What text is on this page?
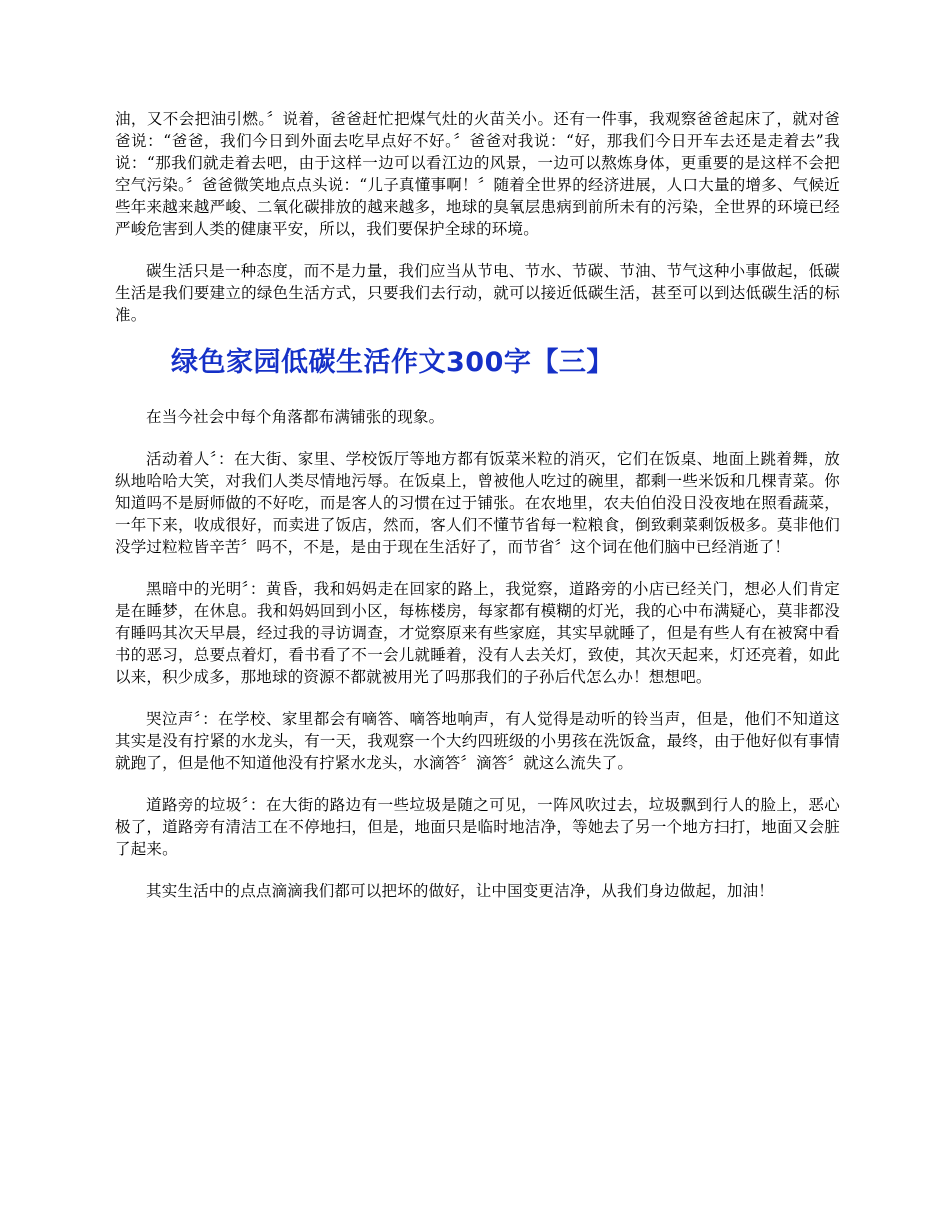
油，又不会把油引燃。〞说着，爸爸赶忙把煤气灶的火苗关小。还有一件事，我观察爸爸起床了，就对爸爸说：“爸爸，我们今日到外面去吃早点好不好。〞爸爸对我说：“好，那我们今日开车去还是走着去”我说：“那我们就走着去吧，由于这样一边可以看江边的风景，一边可以熬炼身体，更重要的是这样不会把空气污染。〞爸爸微笑地点点头说：“儿子真懂事啊！〞随着全世界的经济进展，人口大量的增多、气候近些年来越来越严峻、二氧化碳排放的越来越多，地球的臭氧层患病到前所未有的污染，全世界的环境已经严峻危害到人类的健康平安，所以，我们要保护全球的环境。

碳生活只是一种态度，而不是力量，我们应当从节电、节水、节碳、节油、节气这种小事做起，低碳生活是我们要建立的绿色生活方式，只要我们去行动，就可以接近低碳生活，甚至可以到达低碳生活的标准。

绿色家园低碳生活作文300字【三】

在当今社会中每个角落都布满铺张的现象。

活动着人〞：在大街、家里、学校饭厅等地方都有饭菜米粒的消灭，它们在饭桌、地面上跳着舞，放纵地哈哈大笑，对我们人类尽情地污辱。在饭桌上，曾被他人吃过的碗里，都剩一些米饭和几棵青菜。你知道吗不是厨师做的不好吃，而是客人的习惯在过于铺张。在农地里，农夫伯伯没日没夜地在照看蔬菜，一年下来，收成很好，而卖进了饭店，然而，客人们不懂节省每一粒粮食，倒致剩菜剩饭极多。莫非他们没学过粒粒皆辛苦〞吗不，不是，是由于现在生活好了，而节省〞这个词在他们脑中已经消逝了！

黑暗中的光明〞：黄昏，我和妈妈走在回家的路上，我觉察，道路旁的小店已经关门，想必人们肯定是在睡梦，在休息。我和妈妈回到小区，每栋楼房，每家都有模糊的灯光，我的心中布满疑心，莫非都没有睡吗其次天早晨，经过我的寻访调查，才觉察原来有些家庭，其实早就睡了，但是有些人有在被窝中看书的恶习，总要点着灯，看书看了不一会儿就睡着，没有人去关灯，致使，其次天起来，灯还亮着，如此以来，积少成多，那地球的资源不都就被用光了吗那我们的子孙后代怎么办！想想吧。

哭泣声〞：在学校、家里都会有嘀答、嘀答地响声，有人觉得是动听的铃当声，但是，他们不知道这其实是没有拧紧的水龙头，有一天，我观察一个大约四班级的小男孩在洗饭盒，最终，由于他好似有事情就跑了，但是他不知道他没有拧紧水龙头，水滴答〞滴答〞就这么流失了。

道路旁的垃圾〞：在大街的路边有一些垃圾是随之可见，一阵风吹过去，垃圾飘到行人的脸上，恶心极了，道路旁有清洁工在不停地扫，但是，地面只是临时地洁净，等她去了另一个地方扫打，地面又会脏了起来。

其实生活中的点点滴滴我们都可以把坏的做好，让中国变更洁净，从我们身边做起，加油！
